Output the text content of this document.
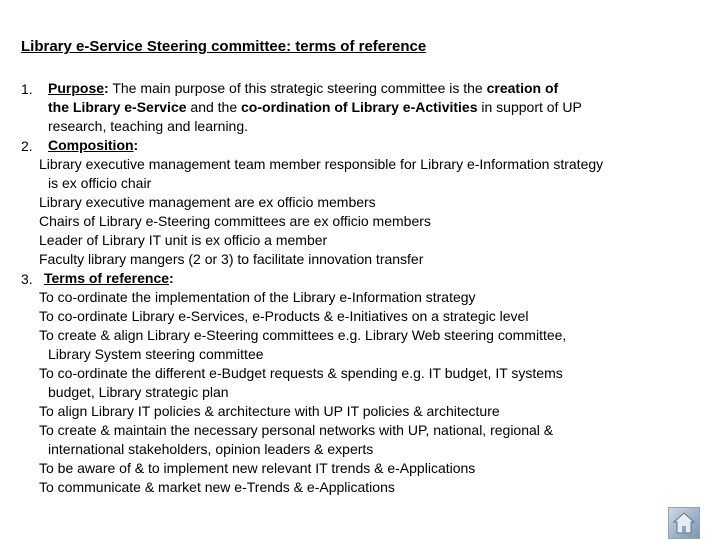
Library e-Service Steering committee: terms of reference
1. Purpose: The main purpose of this strategic steering committee is the creation of
the Library e-Service and the co-ordination of Library e-Activities in support of UP
research, teaching and learning.
2. Composition:
Library executive management team member responsible for Library e-Information strategy
is ex officio chair
Library executive management are ex officio members
Chairs of Library e-Steering committees are ex officio members
Leader of Library IT unit is ex officio a member
Faculty library mangers (2 or 3) to facilitate innovation transfer
3. Terms of reference:
To co-ordinate the implementation of the Library e-Information strategy
To co-ordinate Library e-Services, e-Products & e-Initiatives on a strategic level
To create & align Library e-Steering committees e.g. Library Web steering committee,
Library System steering committee
To co-ordinate the different e-Budget requests & spending e.g. IT budget, IT systems
budget, Library strategic plan
To align Library IT policies & architecture with UP IT policies & architecture
To create & maintain the necessary personal networks with UP, national, regional &
international stakeholders, opinion leaders & experts
To be aware of & to implement new relevant IT trends & e-Applications
To communicate & market new e-Trends & e-Applications
